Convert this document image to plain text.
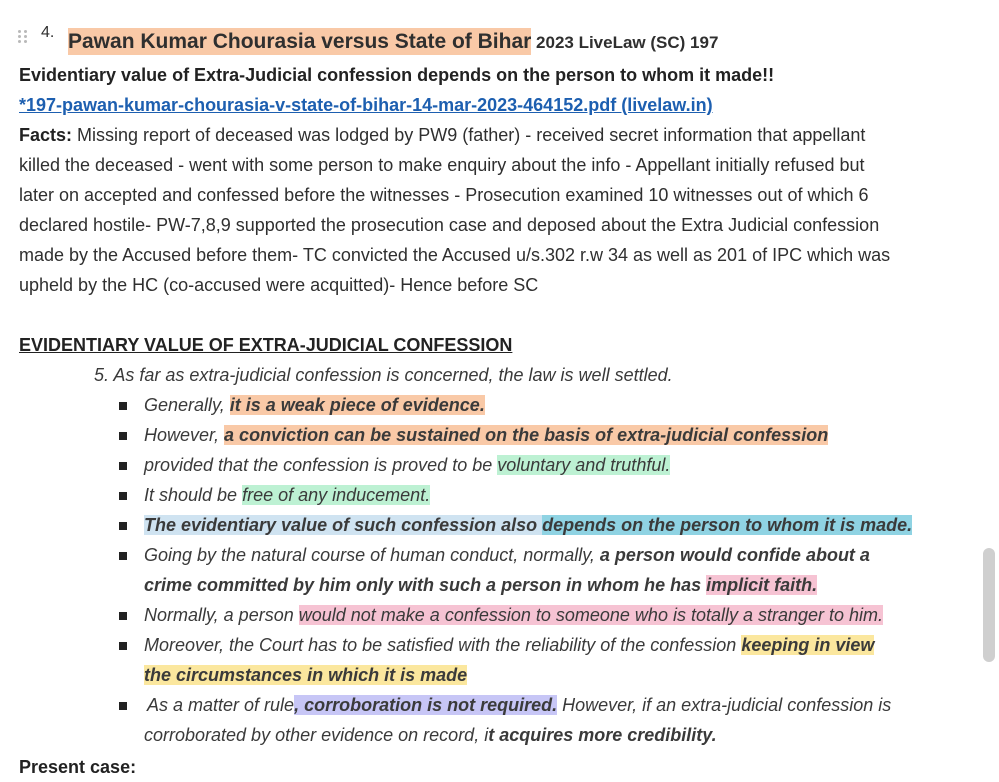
4. Pawan Kumar Chourasia versus State of Bihar 2023 LiveLaw (SC) 197
Evidentiary value of Extra-Judicial confession depends on the person to whom it made!!
*197-pawan-kumar-chourasia-v-state-of-bihar-14-mar-2023-464152.pdf (livelaw.in)
Facts: Missing report of deceased was lodged by PW9 (father) - received secret information that appellant
killed the deceased - went with some person to make enquiry about the info - Appellant initially refused but
later on accepted and confessed before the witnesses - Prosecution examined 10 witnesses out of which 6
declared hostile- PW-7,8,9 supported the prosecution case and deposed about the Extra Judicial confession
made by the Accused before them- TC convicted the Accused u/s.302 r.w 34 as well as 201 of IPC which was
upheld by the HC (co-accused were acquitted)- Hence before SC
EVIDENTIARY VALUE OF EXTRA-JUDICIAL CONFESSION
5. As far as extra-judicial confession is concerned, the law is well settled.
Generally, it is a weak piece of evidence.
However, a conviction can be sustained on the basis of extra-judicial confession
provided that the confession is proved to be voluntary and truthful.
It should be free of any inducement.
The evidentiary value of such confession also depends on the person to whom it is made.
Going by the natural course of human conduct, normally, a person would confide about a
crime committed by him only with such a person in whom he has implicit faith.
Normally, a person would not make a confession to someone who is totally a stranger to him.
Moreover, the Court has to be satisfied with the reliability of the confession keeping in view
the circumstances in which it is made
As a matter of rule, corroboration is not required. However, if an extra-judicial confession is
corroborated by other evidence on record, it acquires more credibility.
Present case:
